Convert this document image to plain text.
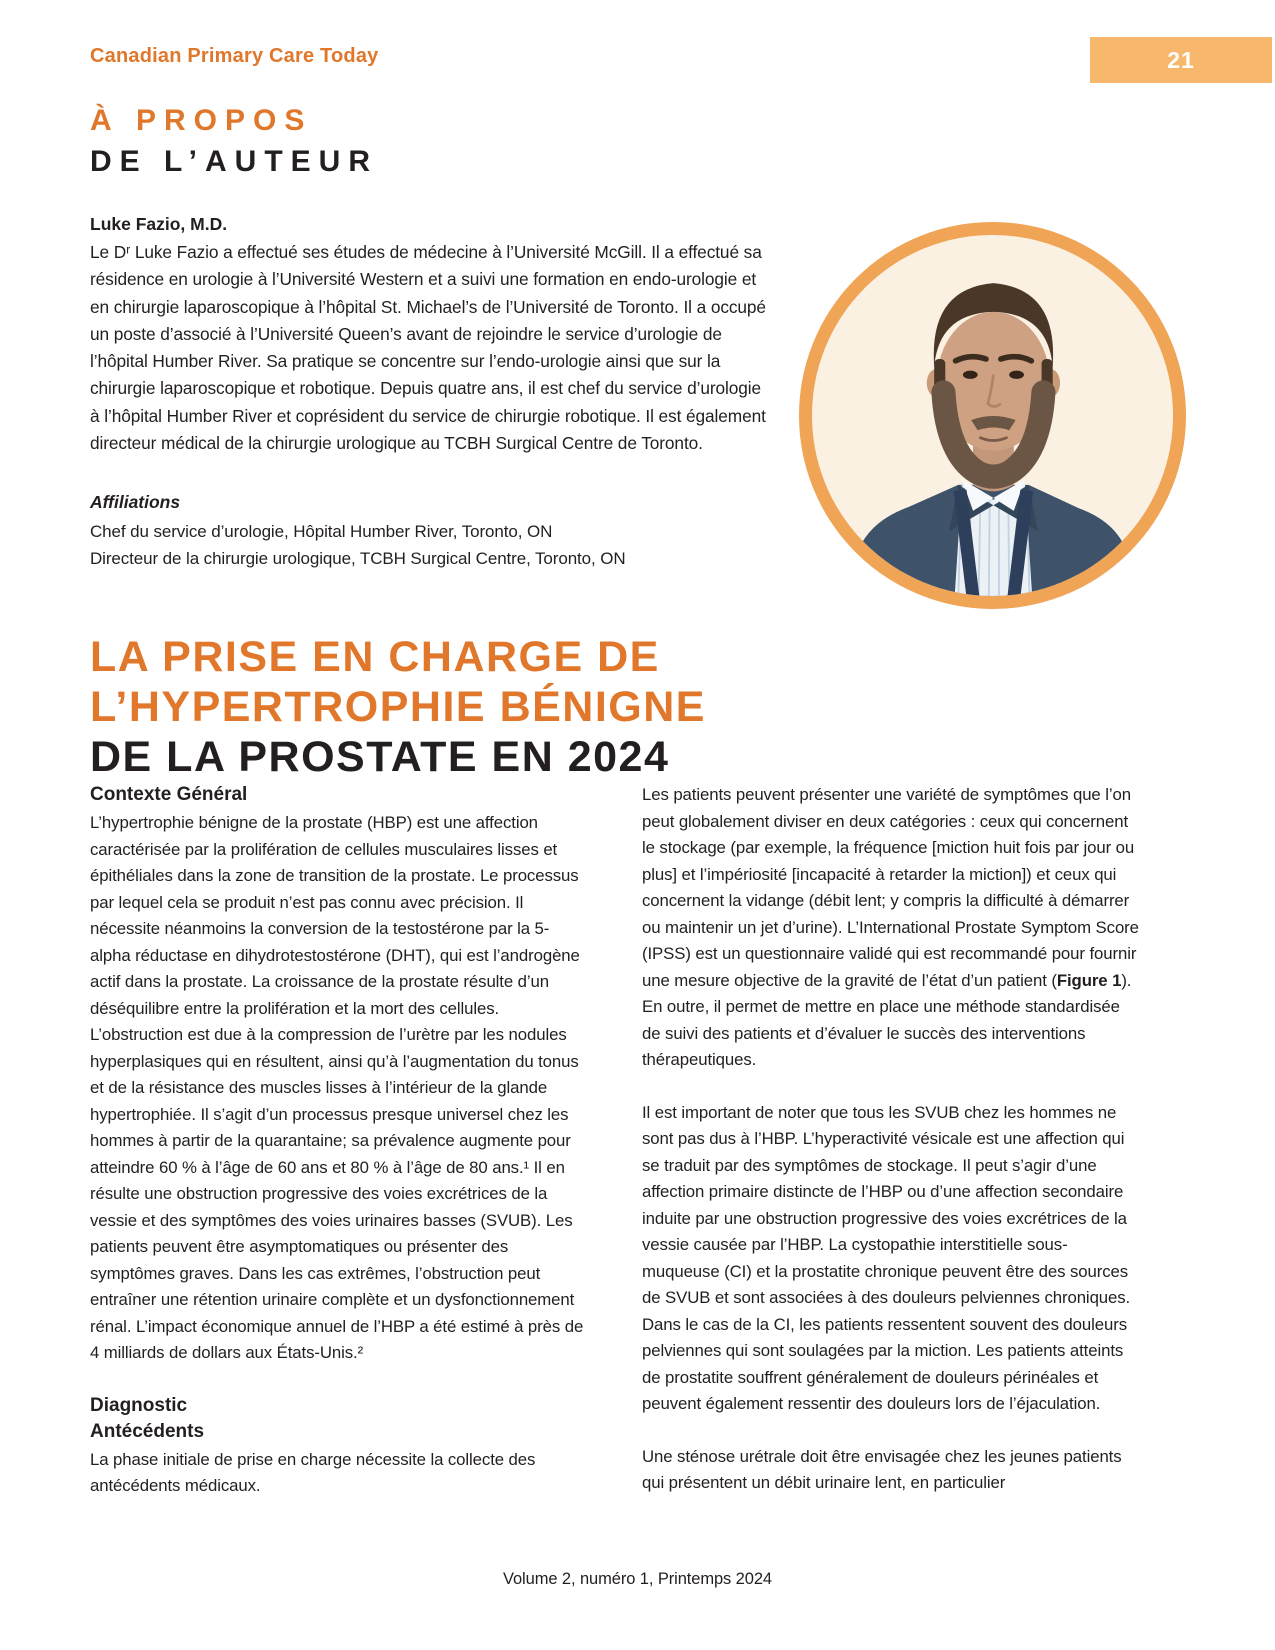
Canadian Primary Care Today	21
À PROPOS
DE L’AUTEUR
Luke Fazio, M.D.
Le Dʳ Luke Fazio a effectué ses études de médecine à l’Université McGill. Il a effectué sa résidence en urologie à l’Université Western et a suivi une formation en endo-urologie et en chirurgie laparoscopique à l’hôpital St. Michael’s de l’Université de Toronto. Il a occupé un poste d’associé à l’Université Queen’s avant de rejoindre le service d’urologie de l’hôpital Humber River. Sa pratique se concentre sur l’endo-urologie ainsi que sur la chirurgie laparoscopique et robotique. Depuis quatre ans, il est chef du service d’urologie à l’hôpital Humber River et coprésident du service de chirurgie robotique. Il est également directeur médical de la chirurgie urologique au TCBH Surgical Centre de Toronto.
Affiliations
Chef du service d’urologie, Hôpital Humber River, Toronto, ON
Directeur de la chirurgie urologique, TCBH Surgical Centre, Toronto, ON
LA PRISE EN CHARGE DE
L’HYPERTROPHIE BÉNIGNE
DE LA PROSTATE EN 2024
Contexte Général

L’hypertrophie bénigne de la prostate (HBP) est une affection caractérisée par la prolifération de cellules musculaires lisses et épithéliales dans la zone de transition de la prostate. Le processus par lequel cela se produit n’est pas connu avec précision. Il nécessite néanmoins la conversion de la testostérone par la 5-alpha réductase en dihydrotestostérone (DHT), qui est l’androgène actif dans la prostate. La croissance de la prostate résulte d’un déséquilibre entre la prolifération et la mort des cellules. L’obstruction est due à la compression de l’urètre par les nodules hyperplasiques qui en résultent, ainsi qu’à l’augmentation du tonus et de la résistance des muscles lisses à l’intérieur de la glande hypertrophiée. Il s’agit d’un processus presque universel chez les hommes à partir de la quarantaine; sa prévalence augmente pour atteindre 60 % à l’âge de 60 ans et 80 % à l’âge de 80 ans.¹ Il en résulte une obstruction progressive des voies excrétrices de la vessie et des symptômes des voies urinaires basses (SVUB). Les patients peuvent être asymptomatiques ou présenter des symptômes graves. Dans les cas extrêmes, l’obstruction peut entraîner une rétention urinaire complète et un dysfonctionnement rénal. L’impact économique annuel de l’HBP a été estimé à près de 4 milliards de dollars aux États-Unis.²

Diagnostic
Antécédents

La phase initiale de prise en charge nécessite la collecte des antécédents médicaux.

Les patients peuvent présenter une variété de symptômes que l’on peut globalement diviser en deux catégories : ceux qui concernent le stockage (par exemple, la fréquence [miction huit fois par jour ou plus] et l’impériosité [incapacité à retarder la miction]) et ceux qui concernent la vidange (débit lent; y compris la difficulté à démarrer ou maintenir un jet d’urine). L’International Prostate Symptom Score (IPSS) est un questionnaire validé qui est recommandé pour fournir une mesure objective de la gravité de l’état d’un patient (Figure 1). En outre, il permet de mettre en place une méthode standardisée de suivi des patients et d’évaluer le succès des interventions thérapeutiques.

Il est important de noter que tous les SVUB chez les hommes ne sont pas dus à l’HBP. L’hyperactivité vésicale est une affection qui se traduit par des symptômes de stockage. Il peut s’agir d’une affection primaire distincte de l’HBP ou d’une affection secondaire induite par une obstruction progressive des voies excrétrices de la vessie causée par l’HBP. La cystopathie interstitielle sous-muqueuse (CI) et la prostatite chronique peuvent être des sources de SVUB et sont associées à des douleurs pelviennes chroniques. Dans le cas de la CI, les patients ressentent souvent des douleurs pelviennes qui sont soulagées par la miction. Les patients atteints de prostatite souffrent généralement de douleurs périnéales et peuvent également ressentir des douleurs lors de l’éjaculation.

Une sténose urétrale doit être envisagée chez les jeunes patients qui présentent un débit urinaire lent, en particulier

Volume 2, numéro 1, Printemps 2024
